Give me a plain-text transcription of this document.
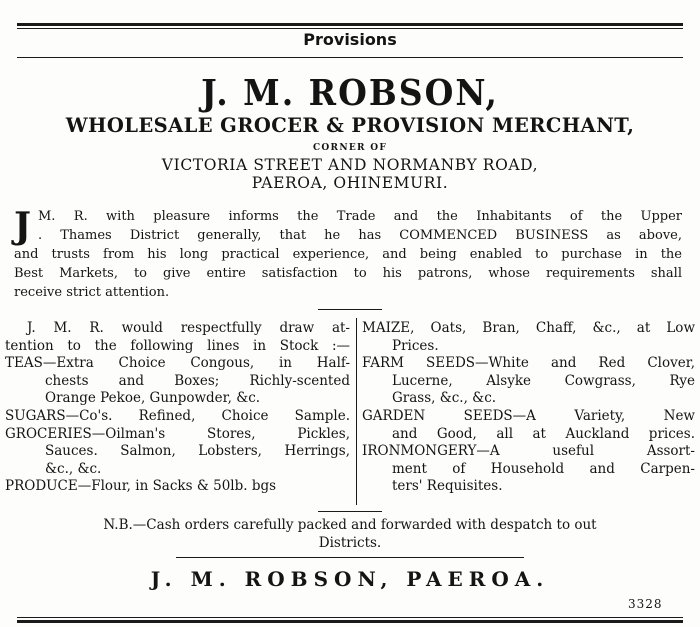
Provisions
J. M. ROBSON,
WHOLESALE GROCER & PROVISION MERCHANT,
CORNER OF
VICTORIA STREET AND NORMANBY ROAD,
PAEROA, OHINEMURI.
J M. R. with pleasure informs the Trade and the Inhabitants of the Upper
. Thames District generally, that he has COMMENCED BUSINESS as above,
and trusts from his long practical experience, and being enabled to purchase in the
Best Markets, to give entire satisfaction to his patrons, whose requirements shall
receive strict attention.
J. M. R. would respectfully draw at-
tention to the following lines in Stock :—
TEAS—Extra Choice Congous, in Half-
chests and Boxes; Richly-scented
Orange Pekoe, Gunpowder, &c.
SUGARS—Co's. Refined, Choice Sample.
GROCERIES—Oilman's Stores, Pickles,
Sauces. Salmon, Lobsters, Herrings,
&c., &c.
PRODUCE—Flour, in Sacks & 50lb. bgs
MAIZE, Oats, Bran, Chaff, &c., at Low
Prices.
FARM SEEDS—White and Red Clover,
Lucerne, Alsyke Cowgrass, Rye
Grass, &c., &c.
GARDEN SEEDS—A Variety, New
and Good, all at Auckland prices.
IRONMONGERY—A useful Assort-
ment of Household and Carpen-
ters' Requisites.
N.B.—Cash orders carefully packed and forwarded with despatch to out
Districts.
J. M. ROBSON, PAEROA.
3328
